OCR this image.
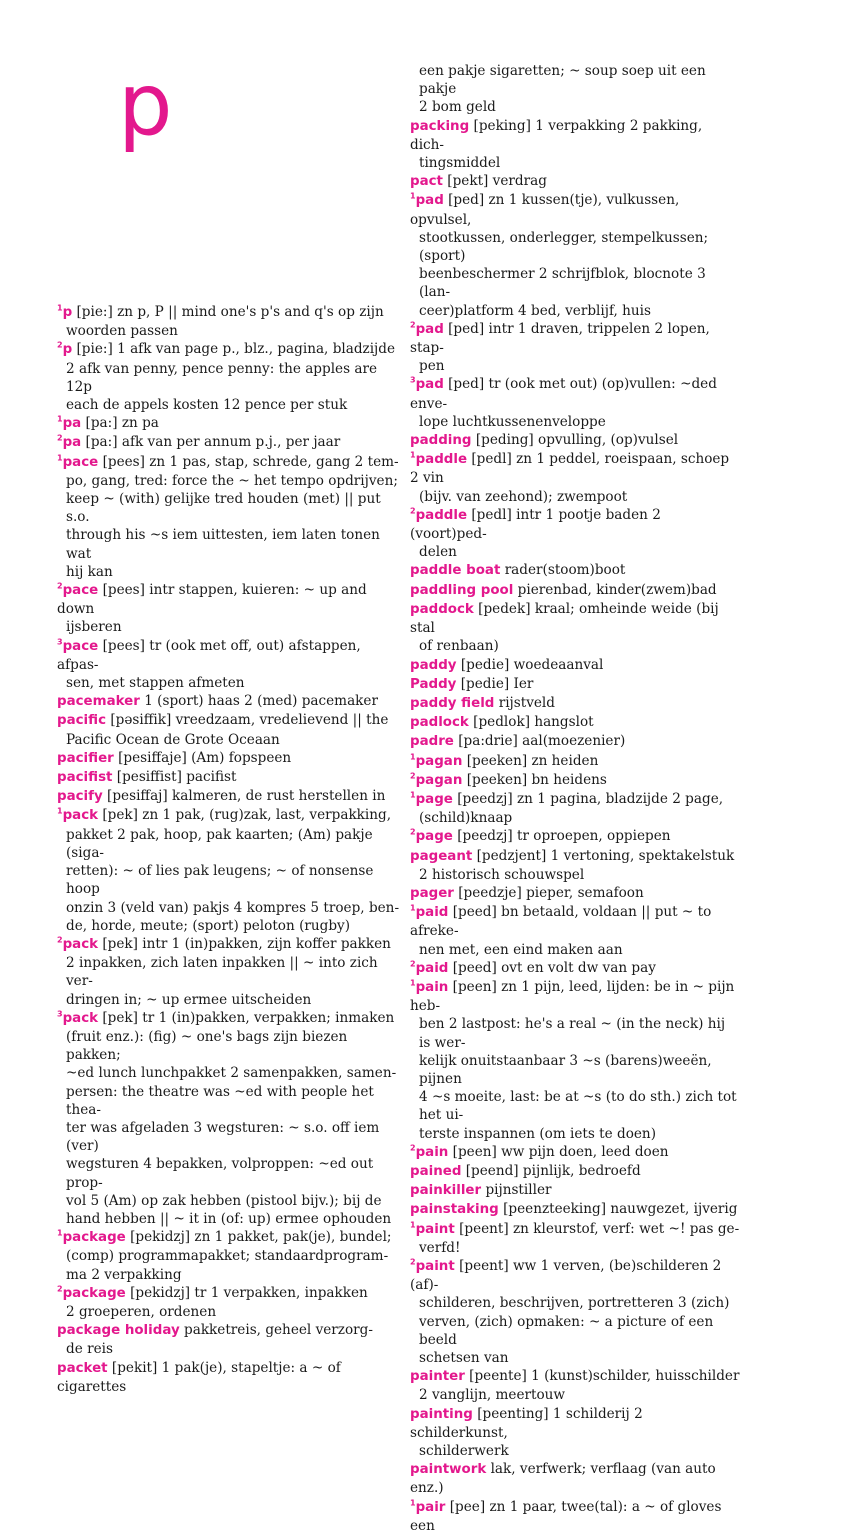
p
$^1$p [pie:] zn p, P || mind one's p's and q's op zijn
woorden passen
$^2$p [pie:] 1 afk van page p., blz., pagina, bladzijde
2 afk van penny, pence penny: the apples are 12p
each de appels kosten 12 pence per stuk
$^1$pa [pa:] zn pa
$^2$pa [pa:] afk van per annum p.j., per jaar
$^1$pace [pees] zn 1 pas, stap, schrede, gang 2 tem-
po, gang, tred: force the ~ het tempo opdrijven;
keep ~ (with) gelijke tred houden (met) || put s.o.
through his ~s iem uittesten, iem laten tonen wat
hij kan
$^2$pace [pees] intr stappen, kuieren: ~ up and down
ijsberen
$^3$pace [pees] tr (ook met off, out) afstappen, afpas-
sen, met stappen afmeten
pacemaker 1 (sport) haas 2 (med) pacemaker
pacific [pəsiffik] vreedzaam, vredelievend || the
Pacific Ocean de Grote Oceaan
pacifier [pesiffaje] (Am) fopspeen
pacifist [pesiffist] pacifist
pacify [pesiffaj] kalmeren, de rust herstellen in
$^1$pack [pek] zn 1 pak, (rug)zak, last, verpakking,
pakket 2 pak, hoop, pak kaarten; (Am) pakje (siga-
retten): ~ of lies pak leugens; ~ of nonsense hoop
onzin 3 (veld van) pakjs 4 kompres 5 troep, ben-
de, horde, meute; (sport) peloton (rugby)
$^2$pack [pek] intr 1 (in)pakken, zijn koffer pakken
2 inpakken, zich laten inpakken || ~ into zich ver-
dringen in; ~ up ermee uitscheiden
$^3$pack [pek] tr 1 (in)pakken, verpakken; inmaken
(fruit enz.): (fig) ~ one's bags zijn biezen pakken;
~ed lunch lunchpakket 2 samenpakken, samen-
persen: the theatre was ~ed with people het thea-
ter was afgeladen 3 wegsturen: ~ s.o. off iem (ver)
wegsturen 4 bepakken, volproppen: ~ed out prop-
vol 5 (Am) op zak hebben (pistool bijv.); bij de
hand hebben || ~ it in (of: up) ermee ophouden
$^1$package [pekidzj] zn 1 pakket, pak(je), bundel;
(comp) programmapakket; standaardprogram-
ma 2 verpakking
$^2$package [pekidzj] tr 1 verpakken, inpakken
2 groeperen, ordenen
package holiday pakketreis, geheel verzorg-
de reis
packet [pekit] 1 pak(je), stapeltje: a ~ of cigarettes
een pakje sigaretten; ~ soup soep uit een pakje
2 bom geld
packing [peking] 1 verpakking 2 pakking, dich-
tingsmiddel
pact [pekt] verdrag
$^1$pad [ped] zn 1 kussen(tje), vulkussen, opvulsel,
stootkussen, onderlegger, stempelkussen; (sport)
beenbeschermer 2 schrijfblok, blocnote 3 (lan-
ceer)platform 4 bed, verblijf, huis
$^2$pad [ped] intr 1 draven, trippelen 2 lopen, stap-
pen
$^3$pad [ped] tr (ook met out) (op)vullen: ~ded enve-
lope luchtkussenenveloppe
padding [peding] opvulling, (op)vulsel
$^1$paddle [pedl] zn 1 peddel, roeispaan, schoep 2 vin
(bijv. van zeehond); zwempoot
$^2$paddle [pedl] intr 1 pootje baden 2 (voort)ped-
delen
paddle boat rader(stoom)boot
paddling pool pierenbad, kinder(zwem)bad
paddock [pedek] kraal; omheinde weide (bij stal
of renbaan)
paddy [pedie] woedeaanval
Paddy [pedie] Ier
paddy field rijstveld
padlock [pedlok] hangslot
padre [pa:drie] aal(moezenier)
$^1$pagan [peeken] zn heiden
$^2$pagan [peeken] bn heidens
$^1$page [peedzj] zn 1 pagina, bladzijde 2 page,
(schild)knaap
$^2$page [peedzj] tr oproepen, oppiepen
pageant [pedzjent] 1 vertoning, spektakelstuk
2 historisch schouwspel
pager [peedzje] pieper, semafoon
$^1$paid [peed] bn betaald, voldaan || put ~ to afreke-
nen met, een eind maken aan
$^2$paid [peed] ovt en volt dw van pay
$^1$pain [peen] zn 1 pijn, leed, lijden: be in ~ pijn heb-
ben 2 lastpost: he's a real ~ (in the neck) hij is wer-
kelijk onuitstaanbaar 3 ~s (barens)weeën, pijnen
4 ~s moeite, last: be at ~s (to do sth.) zich tot het ui-
terste inspannen (om iets te doen)
$^2$pain [peen] ww pijn doen, leed doen
pained [peend] pijnlijk, bedroefd
painkiller pijnstiller
painstaking [peenzteeking] nauwgezet, ijverig
$^1$paint [peent] zn kleurstof, verf: wet ~! pas ge-
verfd!
$^2$paint [peent] ww 1 verven, (be)schilderen 2 (af)-
schilderen, beschrijven, portretteren 3 (zich)
verven, (zich) opmaken: ~ a picture of een beeld
schetsen van
painter [peente] 1 (kunst)schilder, huisschilder
2 vanglijn, meertouw
painting [peenting] 1 schilderij 2 schilderkunst,
schilderwerk
paintwork lak, verfwerk; verflaag (van auto enz.)
$^1$pair [pee] zn 1 paar, twee(tal): a ~ of gloves een
